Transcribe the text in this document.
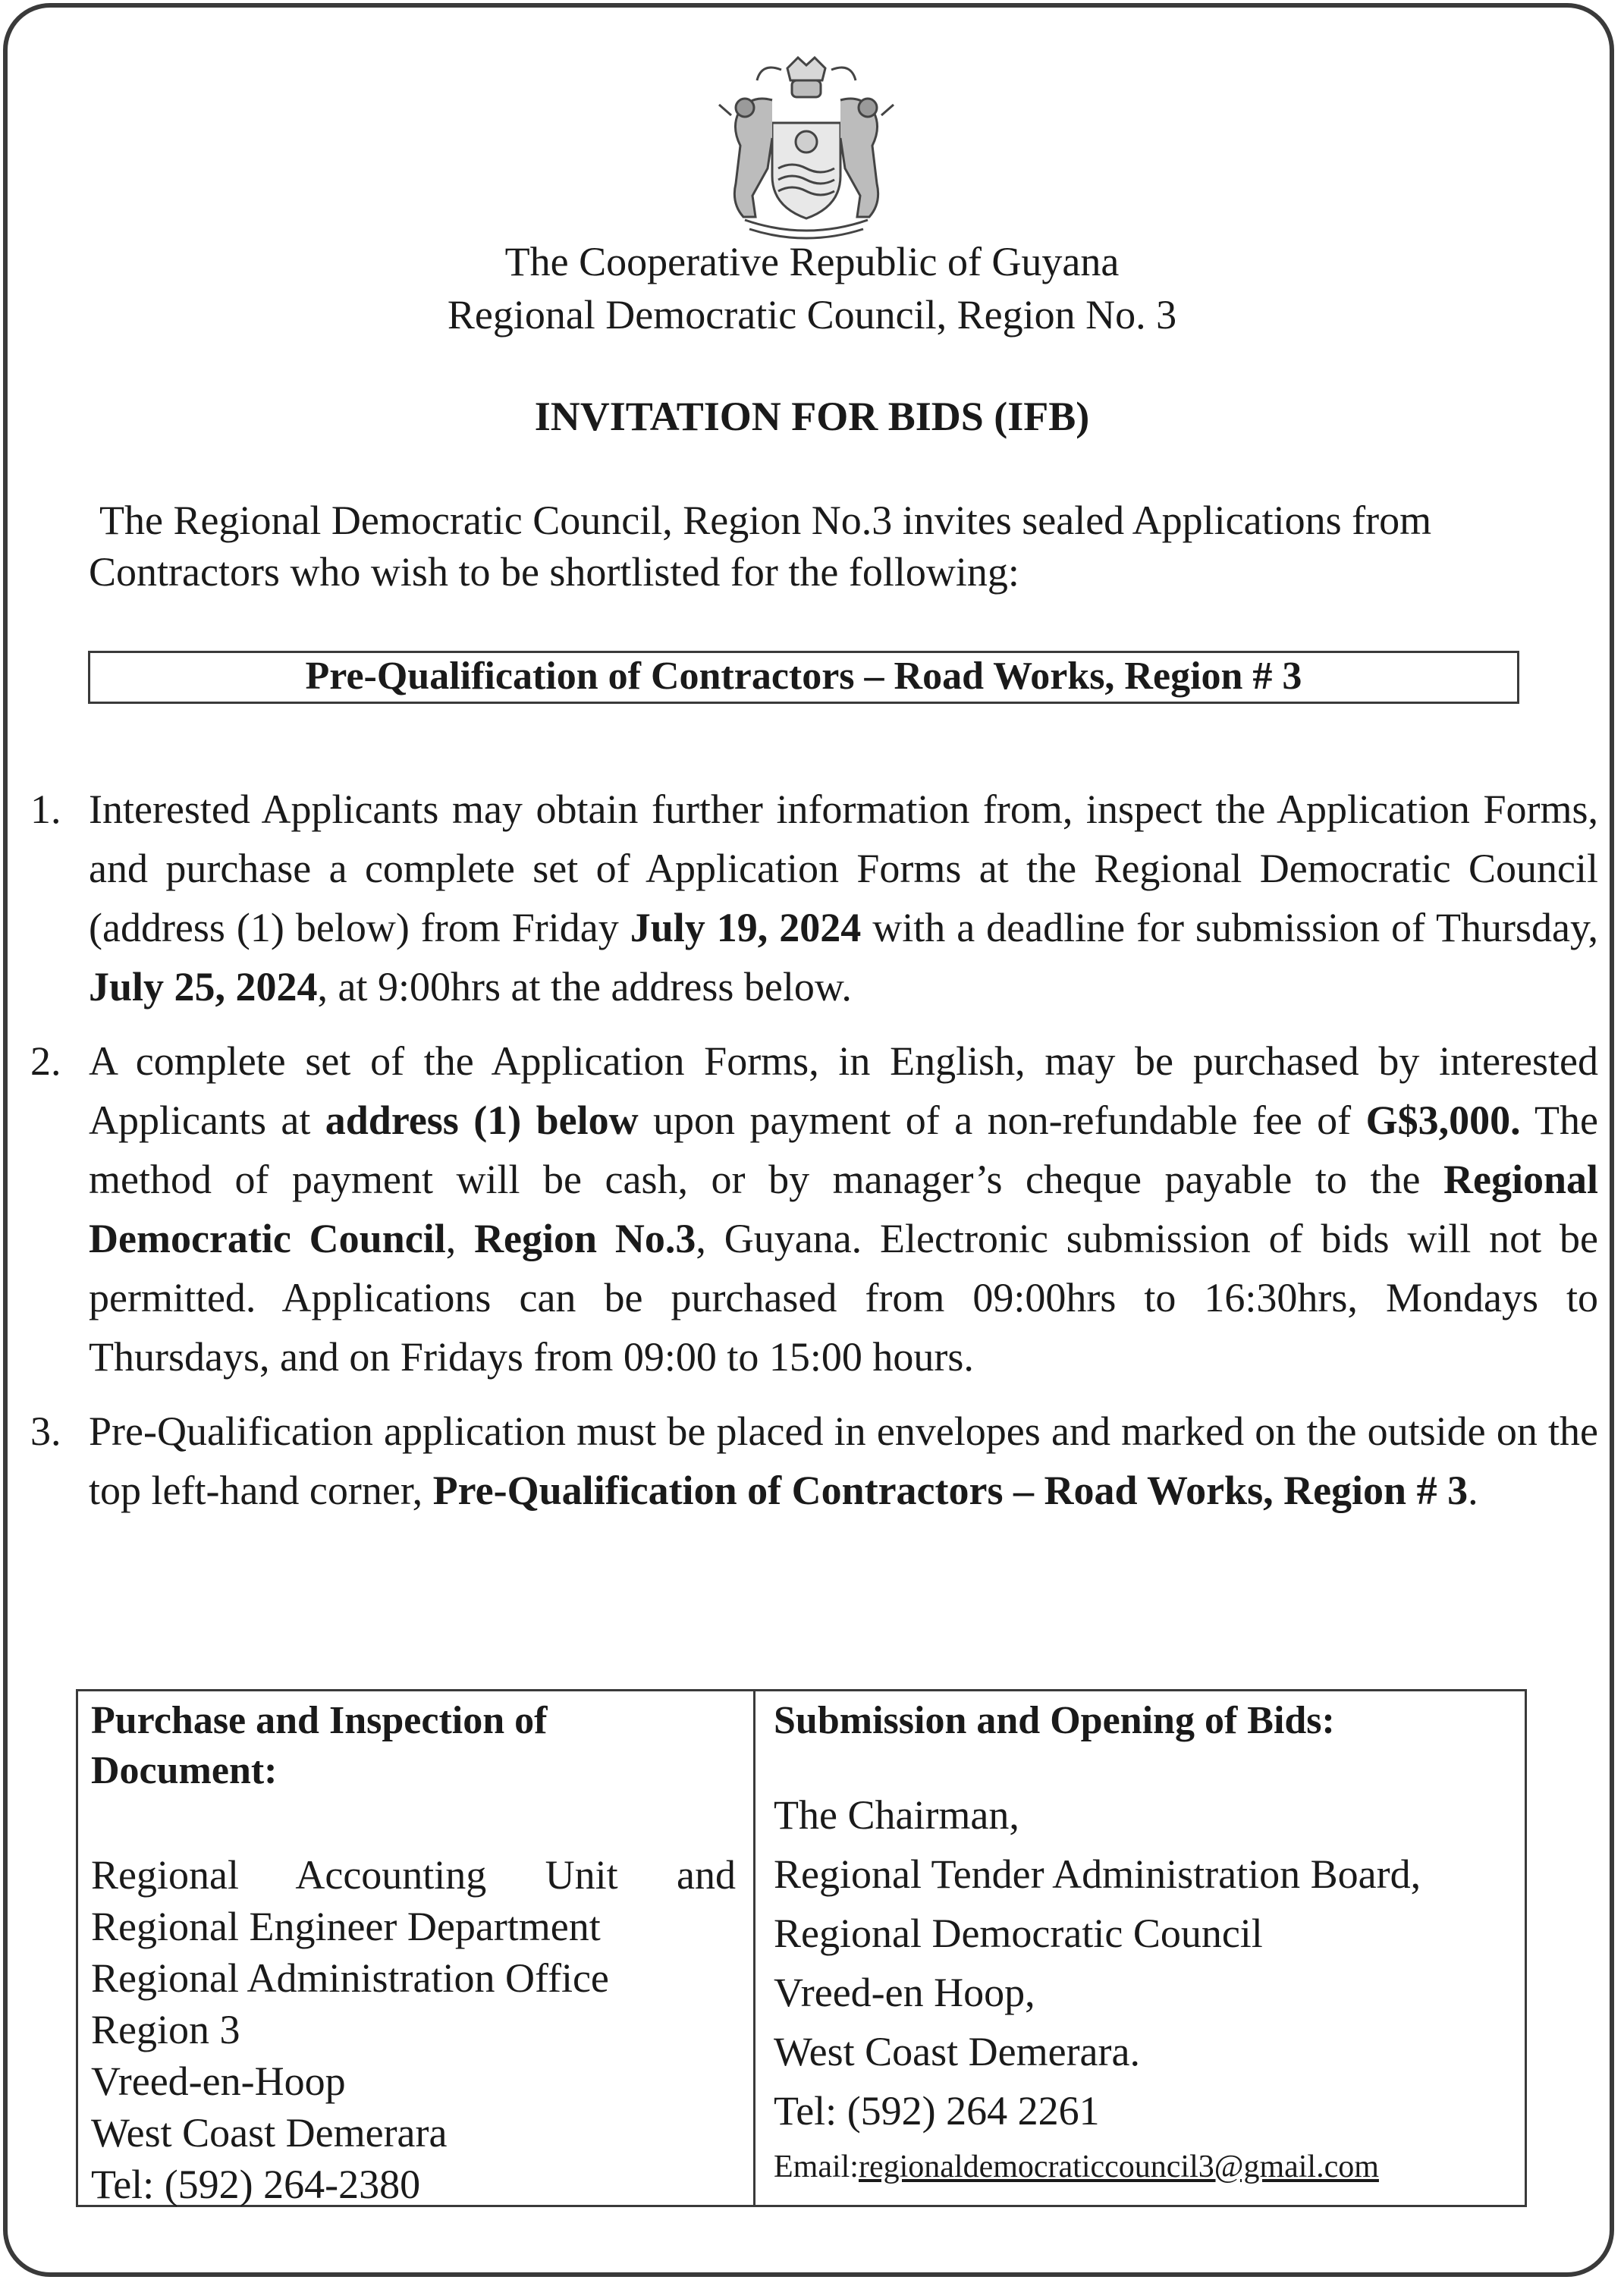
The Cooperative Republic of Guyana
Regional Democratic Council, Region No. 3
INVITATION FOR BIDS (IFB)
The Regional Democratic Council, Region No.3 invites sealed Applications from
Contractors who wish to be shortlisted for the following:
Pre-Qualification of Contractors – Road Works, Region # 3
1. Interested Applicants may obtain further information from, inspect the Application Forms, and purchase a complete set of Application Forms at the Regional Democratic Council (address (1) below) from Friday July 19, 2024 with a deadline for submission of Thursday, July 25, 2024, at 9:00hrs at the address below.
2. A complete set of the Application Forms, in English, may be purchased by interested Applicants at address (1) below upon payment of a non-refundable fee of G$3,000. The method of payment will be cash, or by manager’s cheque payable to the Regional Democratic Council, Region No.3, Guyana. Electronic submission of bids will not be permitted. Applications can be purchased from 09:00hrs to 16:30hrs, Mondays to Thursdays, and on Fridays from 09:00 to 15:00 hours.
3. Pre-Qualification application must be placed in envelopes and marked on the outside on the top left-hand corner, Pre-Qualification of Contractors – Road Works, Region # 3.
Purchase and Inspection of
Document:
Regional Accounting Unit and
Regional Engineer Department
Regional Administration Office
Region 3
Vreed-en-Hoop
West Coast Demerara
Tel: (592) 264-2380
Submission and Opening of Bids:
The Chairman,
Regional Tender Administration Board,
Regional Democratic Council
Vreed-en Hoop,
West Coast Demerara.
Tel: (592) 264 2261
Email:regionaldemocraticcouncil3@gmail.com
